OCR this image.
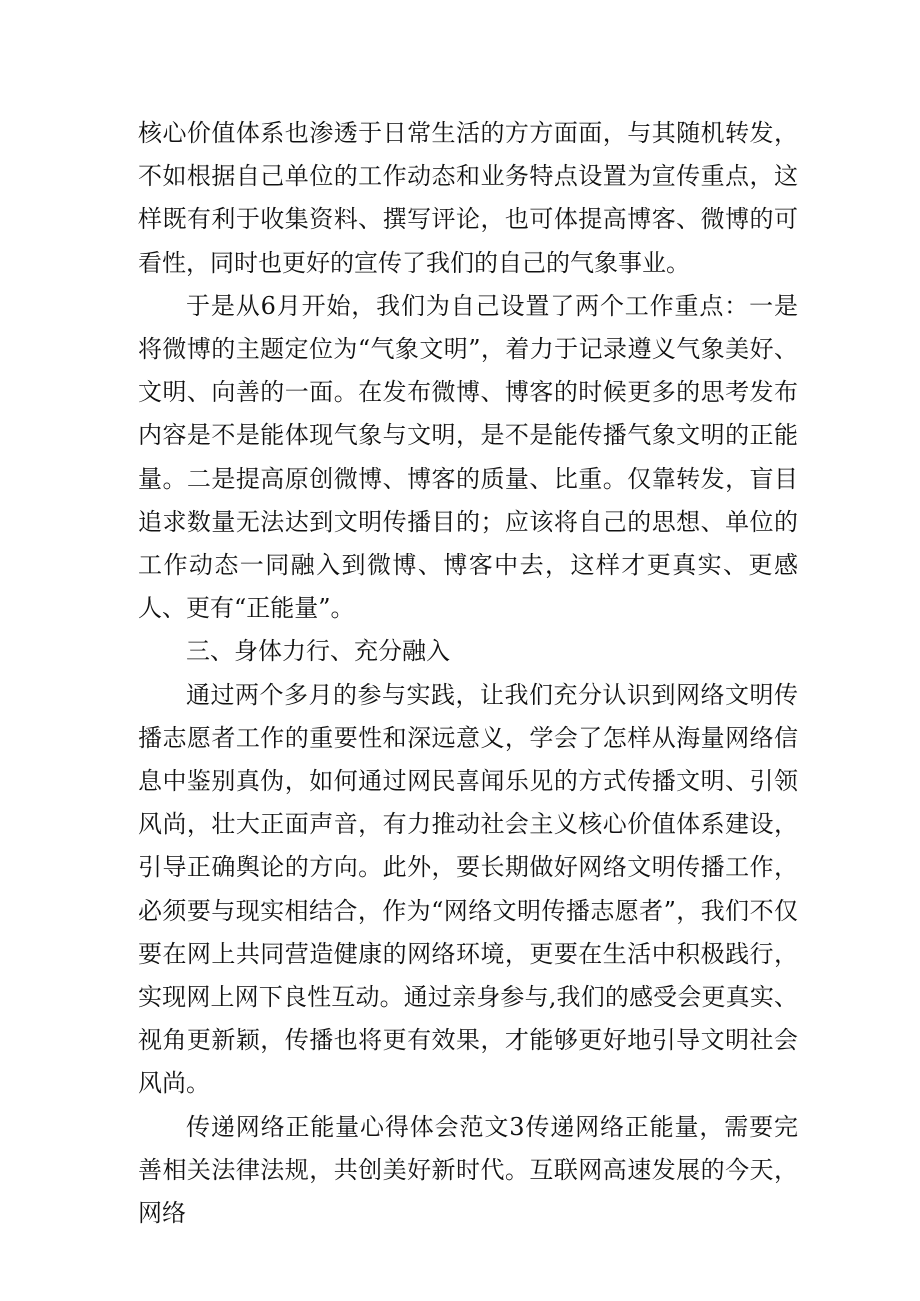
核心价值体系也渗透于日常生活的方方面面，与其随机转发，不如根据自己单位的工作动态和业务特点设置为宣传重点，这样既有利于收集资料、撰写评论，也可体提高博客、微博的可看性，同时也更好的宣传了我们的自己的气象事业。

于是从6月开始，我们为自己设置了两个工作重点：一是将微博的主题定位为“气象文明”，着力于记录遵义气象美好、文明、向善的一面。在发布微博、博客的时候更多的思考发布内容是不是能体现气象与文明，是不是能传播气象文明的正能量。二是提高原创微博、博客的质量、比重。仅靠转发，盲目追求数量无法达到文明传播目的；应该将自己的思想、单位的工作动态一同融入到微博、博客中去，这样才更真实、更感人、更有“正能量”。

三、身体力行、充分融入

通过两个多月的参与实践，让我们充分认识到网络文明传播志愿者工作的重要性和深远意义，学会了怎样从海量网络信息中鉴别真伪，如何通过网民喜闻乐见的方式传播文明、引领风尚，壮大正面声音，有力推动社会主义核心价值体系建设，引导正确舆论的方向。此外，要长期做好网络文明传播工作，必须要与现实相结合，作为“网络文明传播志愿者”，我们不仅要在网上共同营造健康的网络环境，更要在生活中积极践行，实现网上网下良性互动。通过亲身参与,我们的感受会更真实、视角更新颖，传播也将更有效果，才能够更好地引导文明社会风尚。

传递网络正能量心得体会范文3传递网络正能量，需要完善相关法律法规，共创美好新时代。互联网高速发展的今天，网络
